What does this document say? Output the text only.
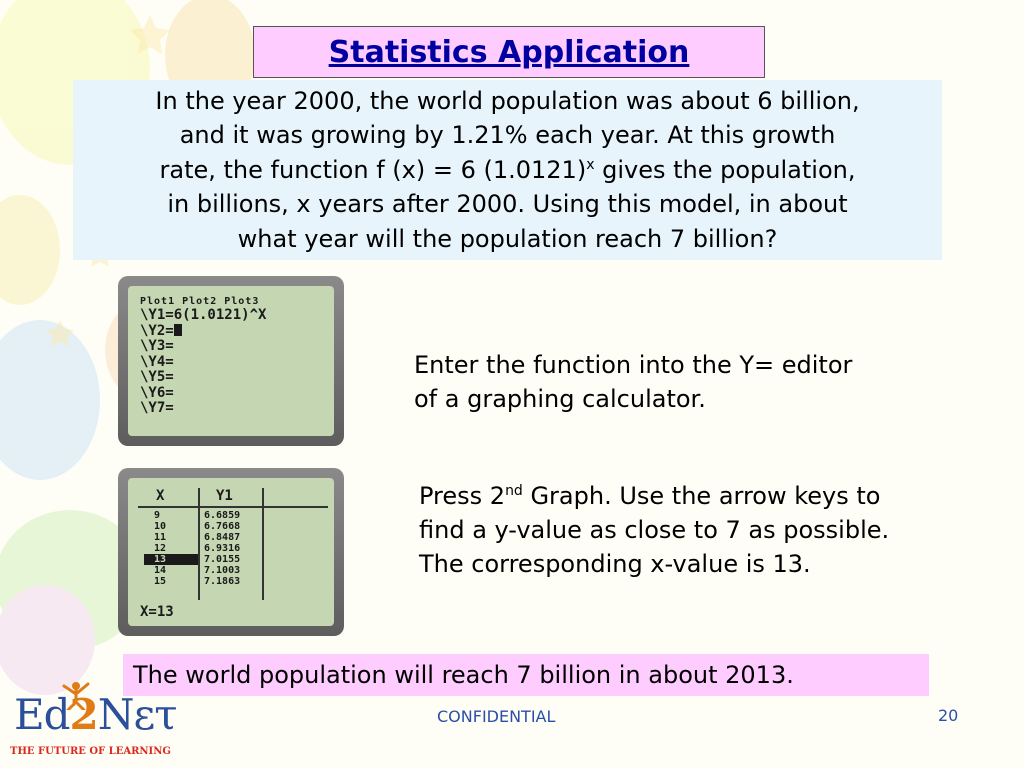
Statistics Application
In the year 2000, the world population was about 6 billion,
and it was growing by 1.21% each year. At this growth
rate, the function f (x) = 6 $(1.0121)^x$ gives the population,
in billions, x years after 2000. Using this model, in about
what year will the population reach 7 billion?
Plot1 Plot2 Plot3
\Y1=6(1.0121)^X
\Y2=
\Y3=
\Y4=
\Y5=
\Y6=
\Y7=
X	Y1
9	6.6859
10	6.7668
11	6.8487
12	6.9316
13	7.0155
14	7.1003
15	7.1863
X=13
Enter the function into the Y= editor
of a graphing calculator.
Press 2nd Graph. Use the arrow keys to
find a y-value as close to 7 as possible.
The corresponding x-value is 13.
The world population will reach 7 billion in about 2013.
CONFIDENTIAL	20
Ed2Nετ
THE FUTURE OF LEARNING
